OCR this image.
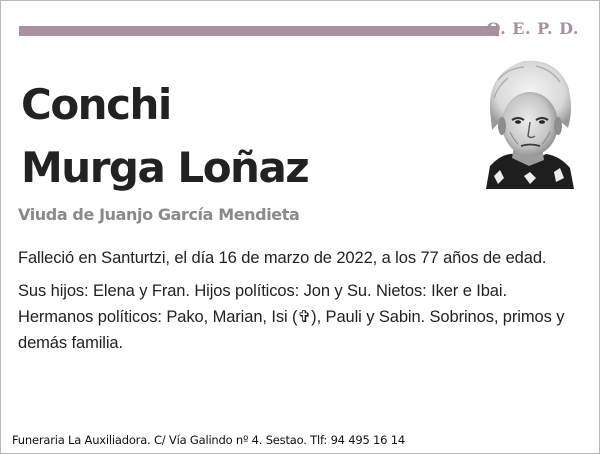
Q. E. P. D.
Conchi
Murga Loñaz
Viuda de Juanjo García Mendieta
Falleció en Santurtzi, el día 16 de marzo de 2022, a los 77 años de edad.
Sus hijos: Elena y Fran. Hijos políticos: Jon y Su. Nietos: Iker e Ibai. Hermanos políticos: Pako, Marian, Isi (✞), Pauli y Sabin. Sobrinos, primos y demás familia.
Funeraria La Auxiliadora. C/ Vía Galindo nº 4. Sestao. Tlf: 94 495 16 14
